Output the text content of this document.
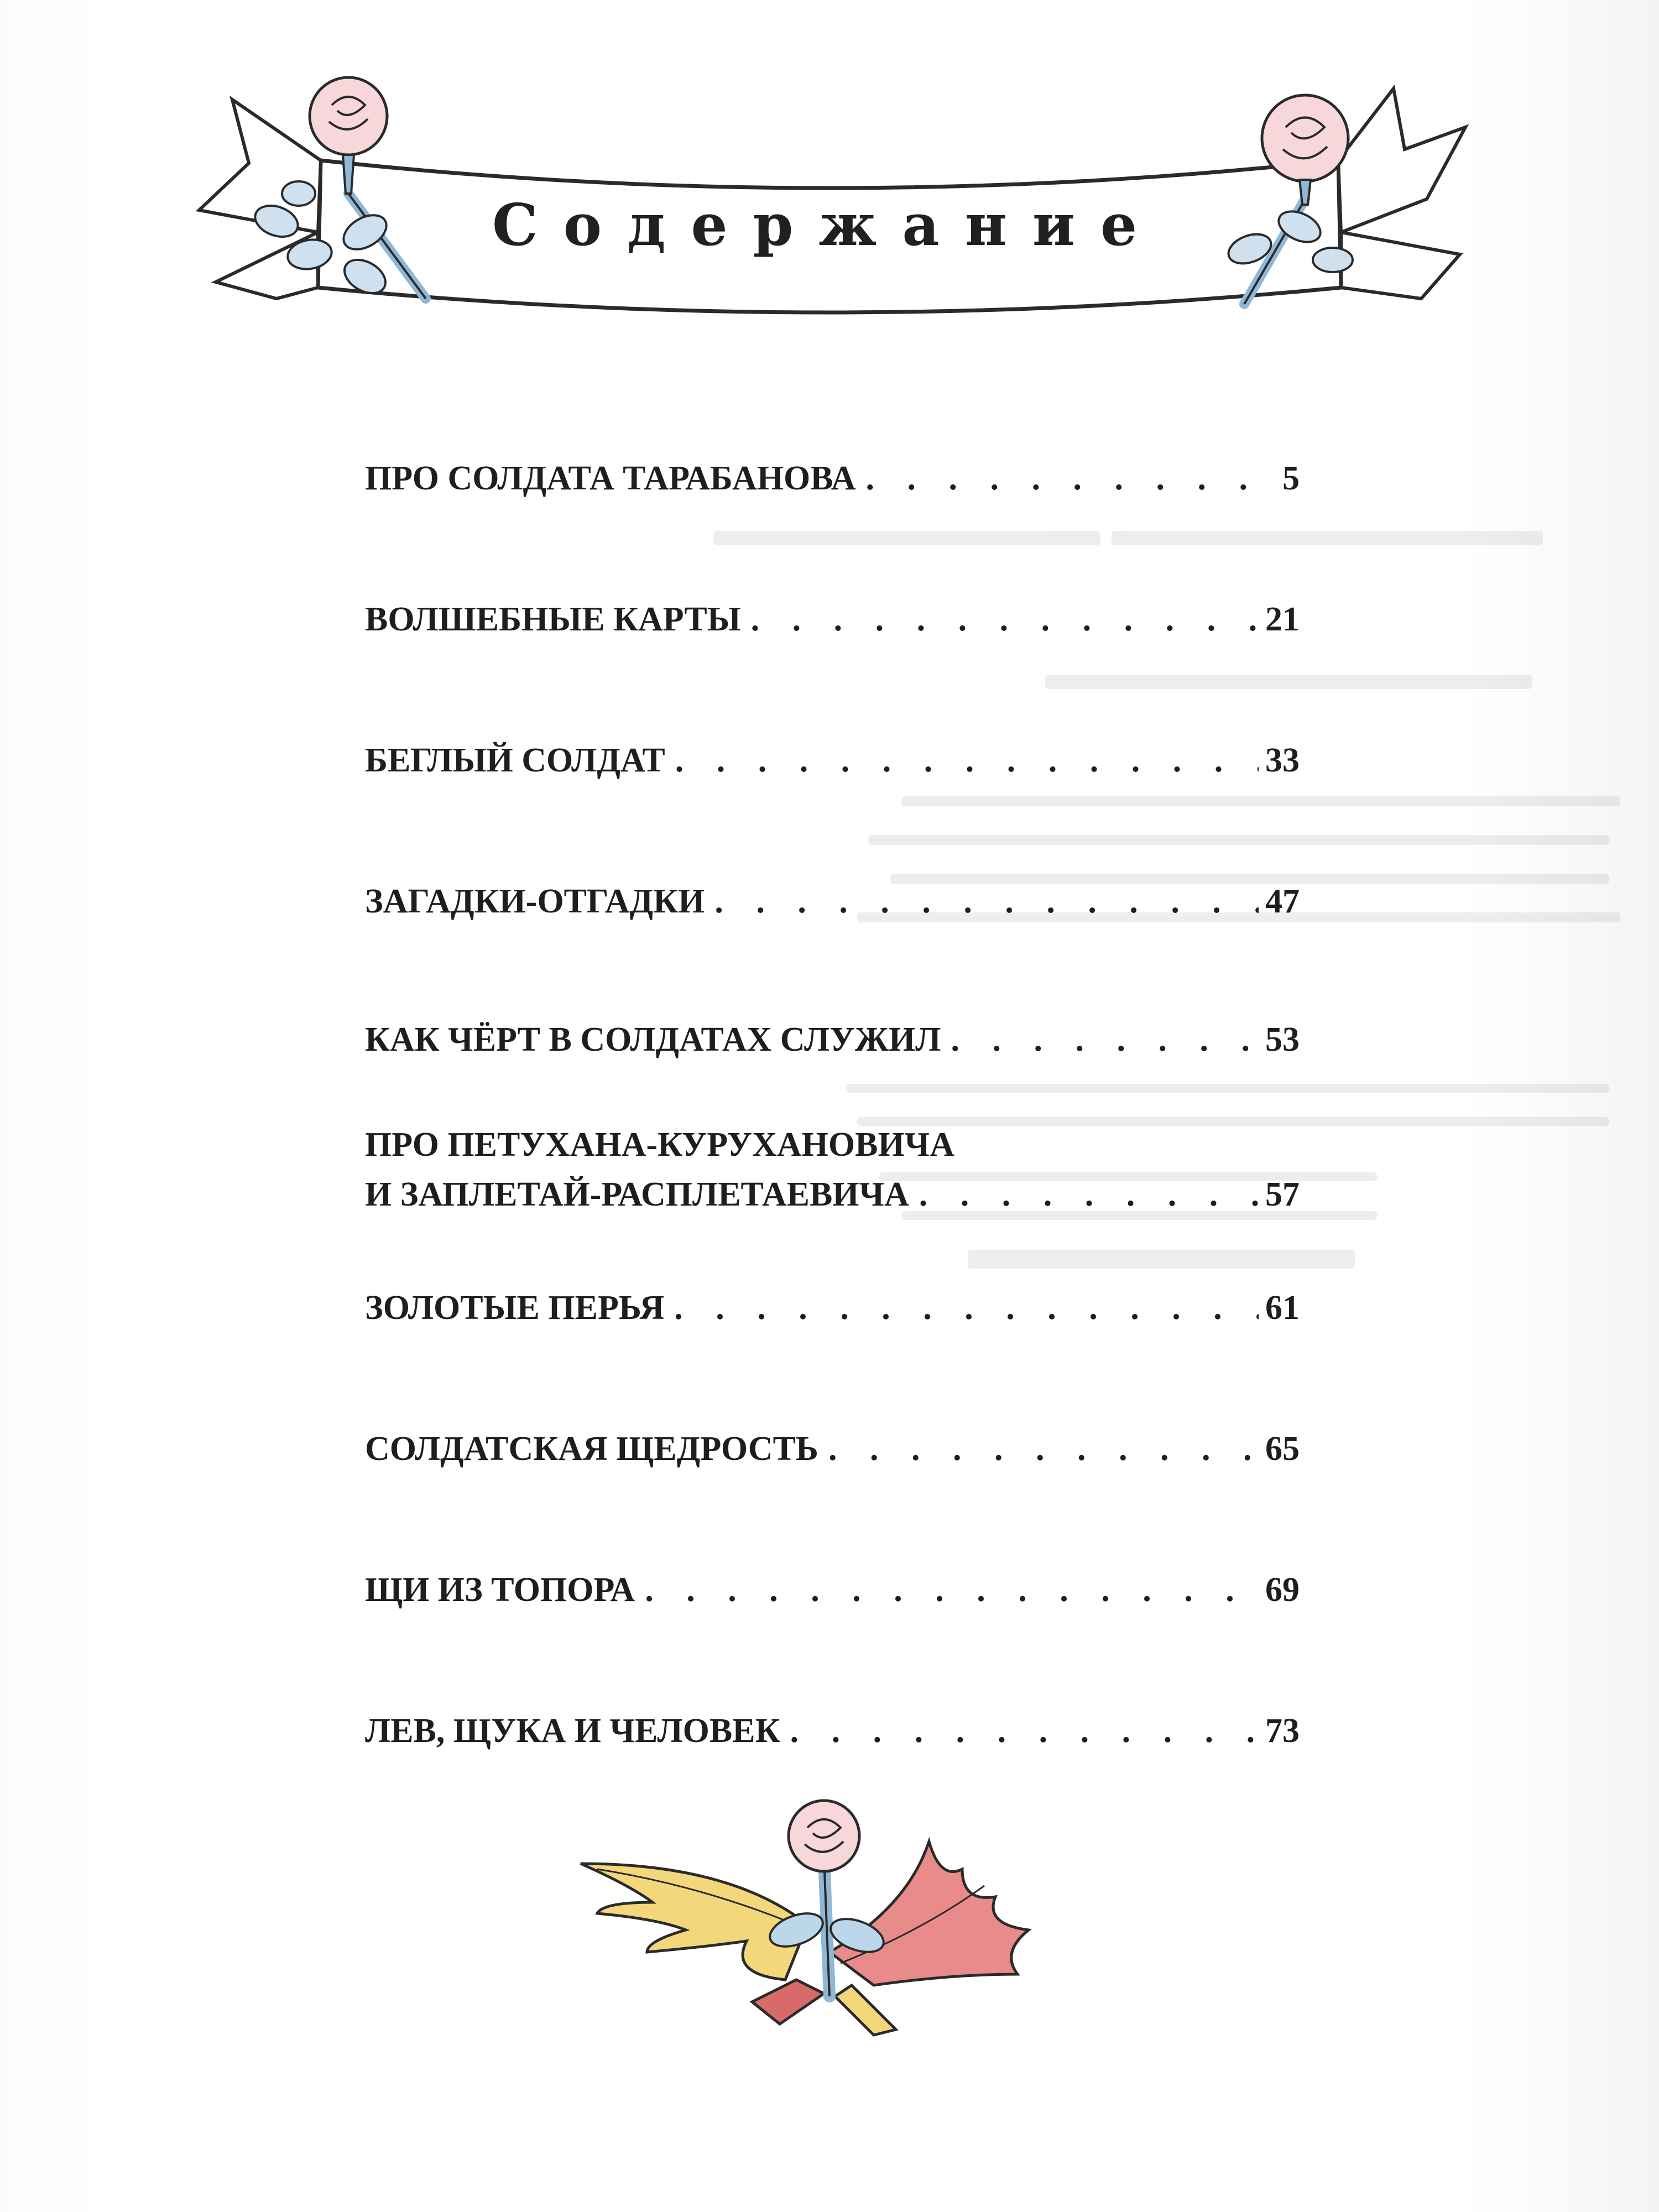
Содержание
ПРО СОЛДАТА ТАРАБАНОВА . . .	5
ВОЛШЕБНЫЕ КАРТЫ . . .	21
БЕГЛЫЙ СОЛДАТ . . .	33
ЗАГАДКИ-ОТГАДКИ . . .	47
КАК ЧЁРТ В СОЛДАТАХ СЛУЖИЛ . . .	53
ПРО ПЕТУХАНА-КУРУХАНОВИЧА
И ЗАПЛЕТАЙ-РАСПЛЕТАЕВИЧА . . .	57
ЗОЛОТЫЕ ПЕРЬЯ . . .	61
СОЛДАТСКАЯ ЩЕДРОСТЬ . . .	65
ЩИ ИЗ ТОПОРА . . .	69
ЛЕВ, ЩУКА И ЧЕЛОВЕК . . .	73
